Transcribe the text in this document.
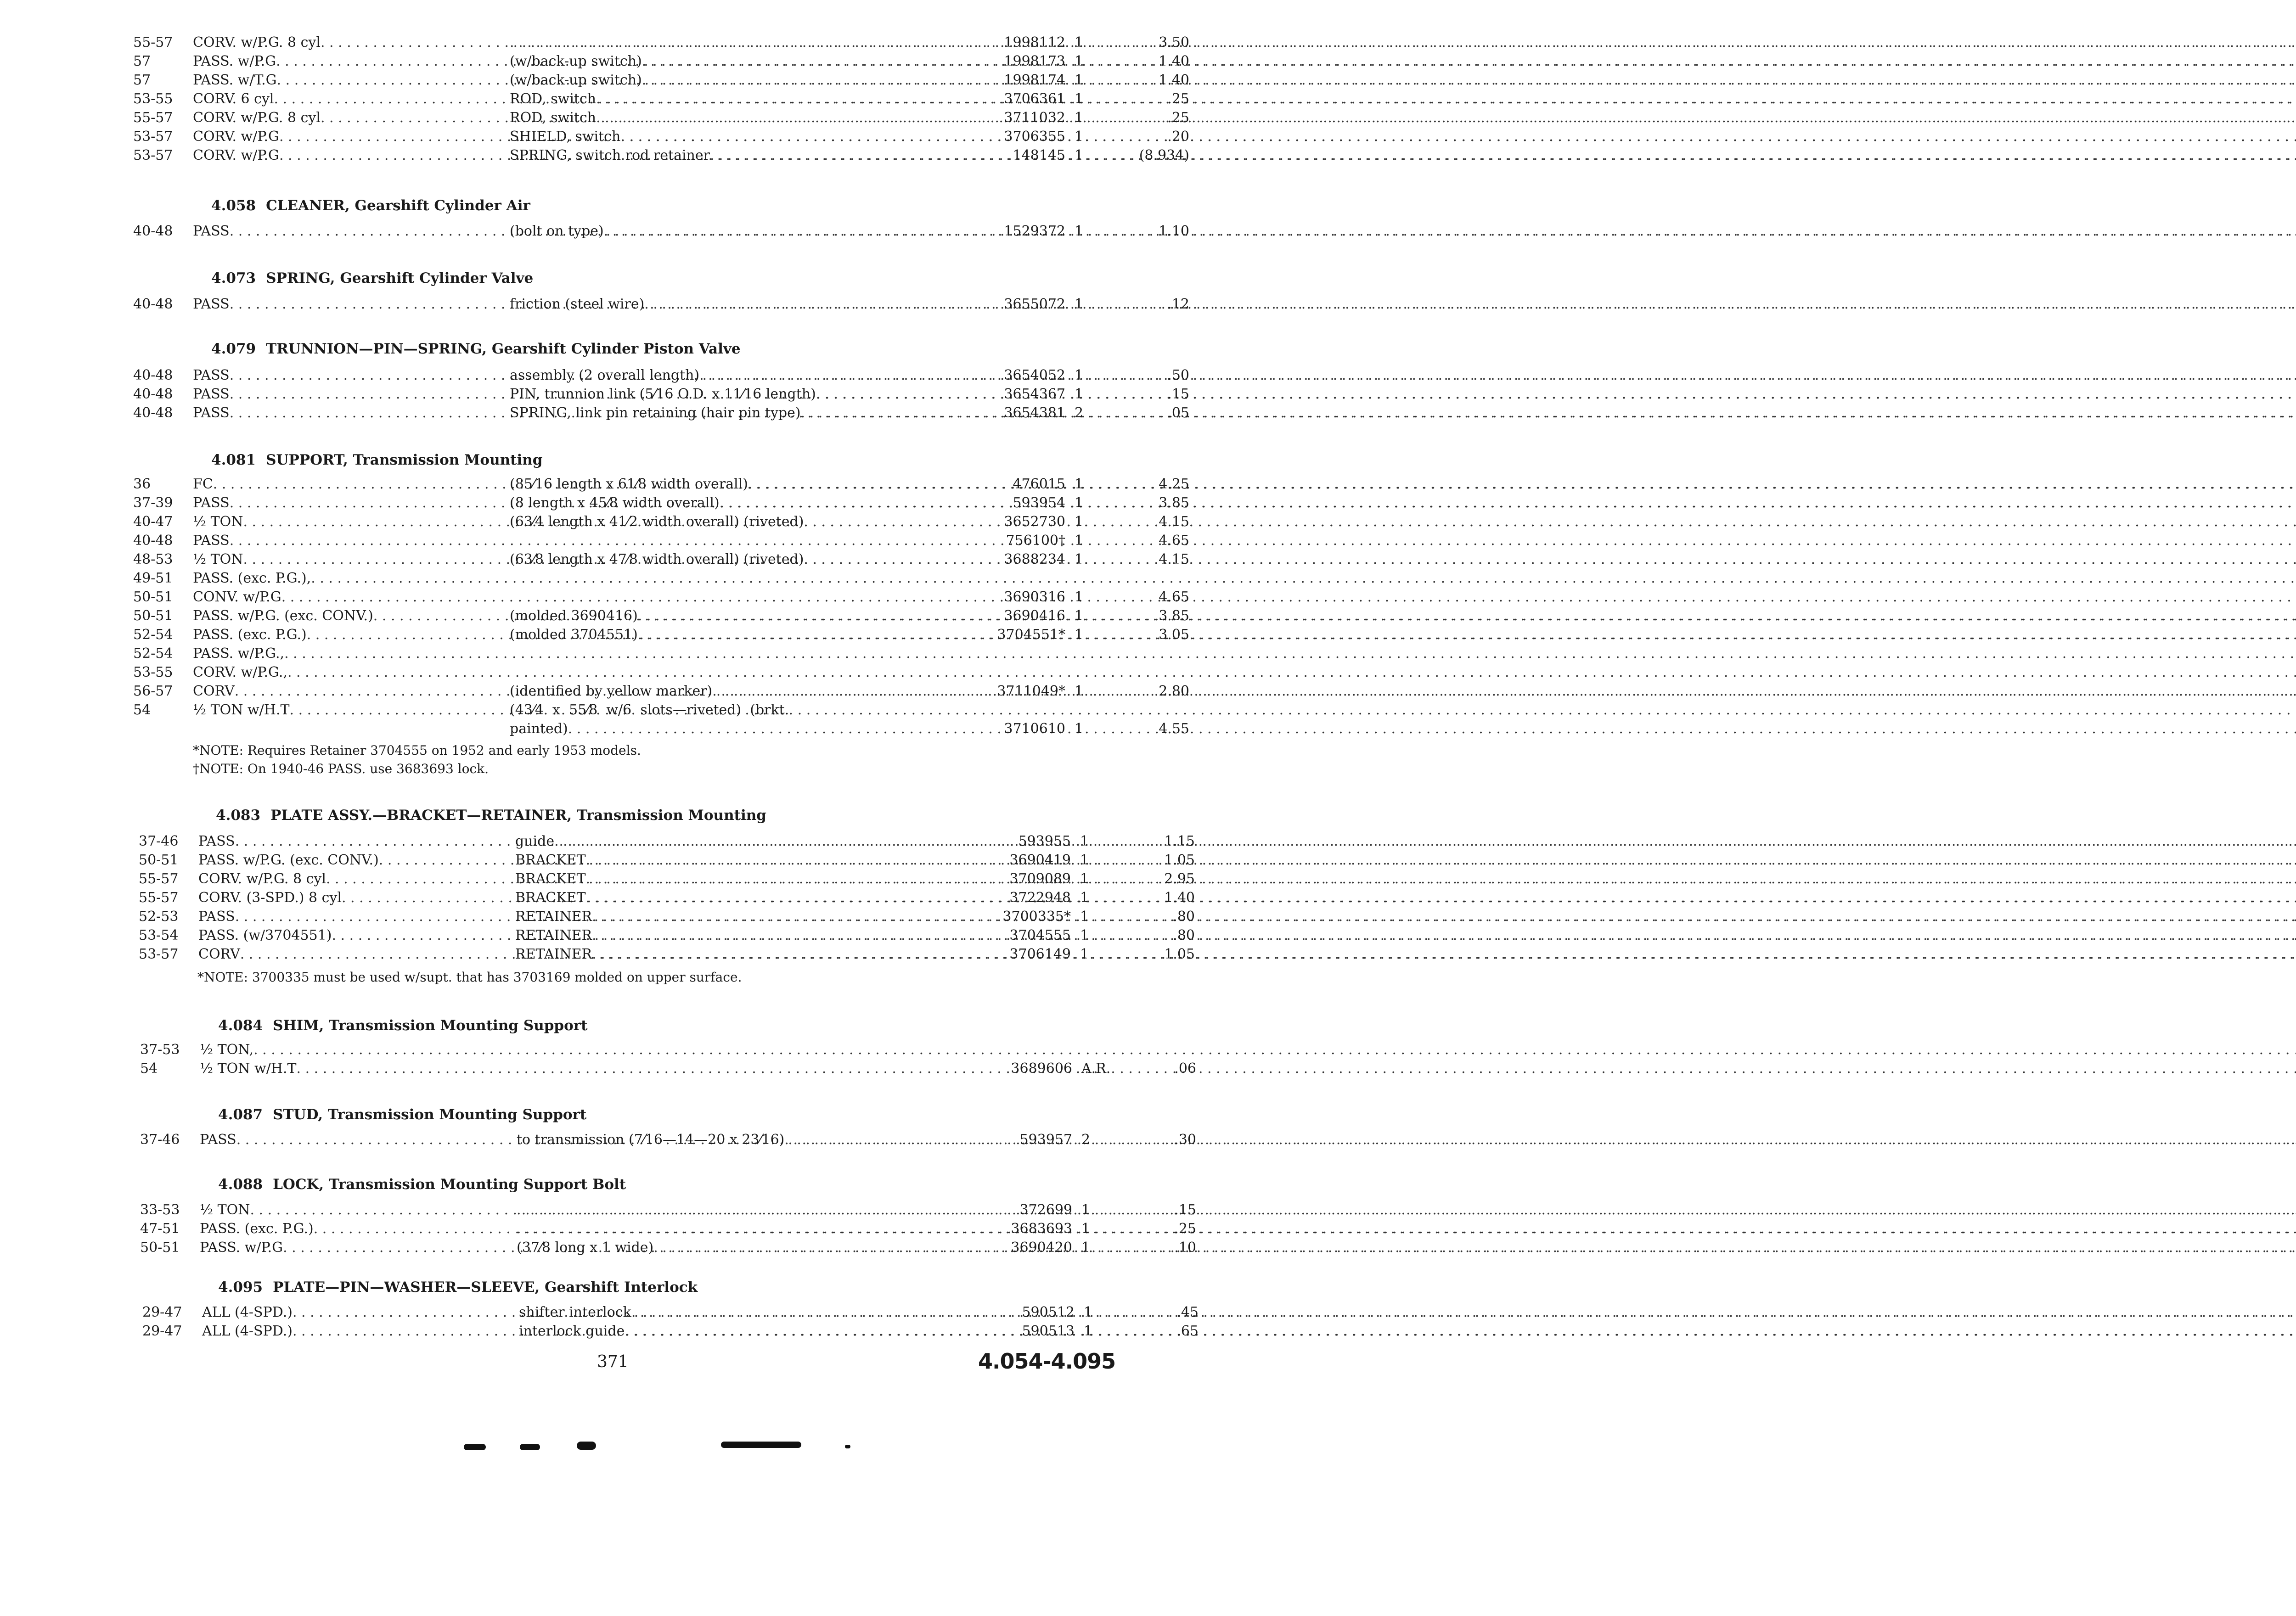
55-57	CORV. w/P.G. 8 cyl . . . . . .	1998112 1	3.50
57	PASS. w/P.G . . .	(w/back-up switch) . . .	1998173 1	1.40
57	PASS. w/T.G . . .	(w/back-up switch) . . .	1998174 1	1.40
53-55	CORV. 6 cyl . . .	ROD, switch . . .	3706361 1	.25
55-57	CORV. w/P.G. 8 cyl . . .	ROD, switch . . .	3711032 1	.25
53-57	CORV. w/P.G . . .	SHIELD, switch . . .	3706355 1	.20
53-57	CORV. w/P.G . . .	SPRING, switch rod retainer . . .	148145 1	(8.934)
4.058 CLEANER, Gearshift Cylinder Air
40-48	PASS . . .	(bolt on type) . . .	1529372 1	1.10
4.073 SPRING, Gearshift Cylinder Valve
40-48	PASS . . .	friction (steel wire) . . .	3655072 1	.12
4.079 TRUNNION—PIN—SPRING, Gearshift Cylinder Piston Valve
40-48	PASS . . .	assembly (2 overall length) . . .	3654052 1	.50
40-48	PASS . . .	PIN, trunnion link (5⁄16 O.D. x 11⁄16 length) . . .	3654367 1	.15
40-48	PASS . . .	SPRING, link pin retaining (hair pin type) . . .	3654381 2	.05
4.081 SUPPORT, Transmission Mounting
36	FC . . .	(85⁄16 length x 61⁄8 width overall) . . .	476015 1	4.25
37-39	PASS . . .	(8 length x 45⁄8 width overall) . . .	593954 1	3.85
40-47	½ TON . . .	(63⁄4 length x 41⁄2 width overall) (riveted) . . .	3652730 1	4.15
40-48	PASS . . .	756100† 1	4.65
48-53	½ TON . . .	(63⁄8 length x 47⁄8 width overall) (riveted) . . .	3688234 1	4.15
49-51	PASS. (exc. P.G.),
. . .
50-51	CONV. w/P.G . . .	3690316 1	4.65
50-51	PASS. w/P.G. (exc. CONV.) . . .	(molded 3690416) . . .	3690416 1	3.85
52-54	PASS. (exc. P.G.) . . .	(molded 3704551) . . .	3704551* 1	3.05
52-54	PASS. w/P.G.,
. . .
53-55	CORV. w/P.G.,
. . .
56-57	CORV . . .	(identified by yellow marker) . . .	3711049* 1	2.80
54	½ TON w/H.T . . .	(43⁄4  x  55⁄8  w/6  slots—riveted)  (brkt.
painted) . . .	3710610 1	4.55
*NOTE: Requires Retainer 3704555 on 1952 and early 1953 models.
†NOTE: On 1940-46 PASS. use 3683693 lock.
4.083 PLATE ASSY.—BRACKET—RETAINER, Transmission Mounting
37-46	PASS . . .	guide . . .	593955 1	1.15
50-51	PASS. w/P.G. (exc. CONV.) . . .	BRACKET . . .	3690419 1	1.05
55-57	CORV. w/P.G. 8 cyl . . .	BRACKET . . .	3709089 1	2.95
55-57	CORV. (3-SPD.) 8 cyl . . .	BRACKET . . .	3722948 1	1.40
52-53	PASS . . .	RETAINER . . .	3700335* 1	.80
53-54	PASS. (w/3704551) . . .	RETAINER . . .	3704555 1	.80
53-57	CORV . . .	RETAINER . . .	3706149 1	1.05
*NOTE: 3700335 must be used w/supt. that has 3703169 molded on upper surface.
4.084 SHIM, Transmission Mounting Support
37-53	½ TON,
. . .
54	½ TON w/H.T . . .	3689606 A.R.	.06
4.087 STUD, Transmission Mounting Support
37-46	PASS . . .	to transmission (7⁄16—14—20 x 23⁄16) . . .	593957 2	.30
4.088 LOCK, Transmission Mounting Support Bolt
33-53	½ TON . . . . . .	372699 1	.15
47-51	PASS. (exc. P.G.) . . . . . .	3683693 1	.25
50-51	PASS. w/P.G . . .	(37⁄8 long x 1 wide) . . .	3690420 1	.10
4.095 PLATE—PIN—WASHER—SLEEVE, Gearshift Interlock
29-47	ALL (4-SPD.) . . .	shifter interlock . . .	590512 1	.45
29-47	ALL (4-SPD.) . . .	interlock guide . . .	590513 1	.65
371	4.054-4.095
